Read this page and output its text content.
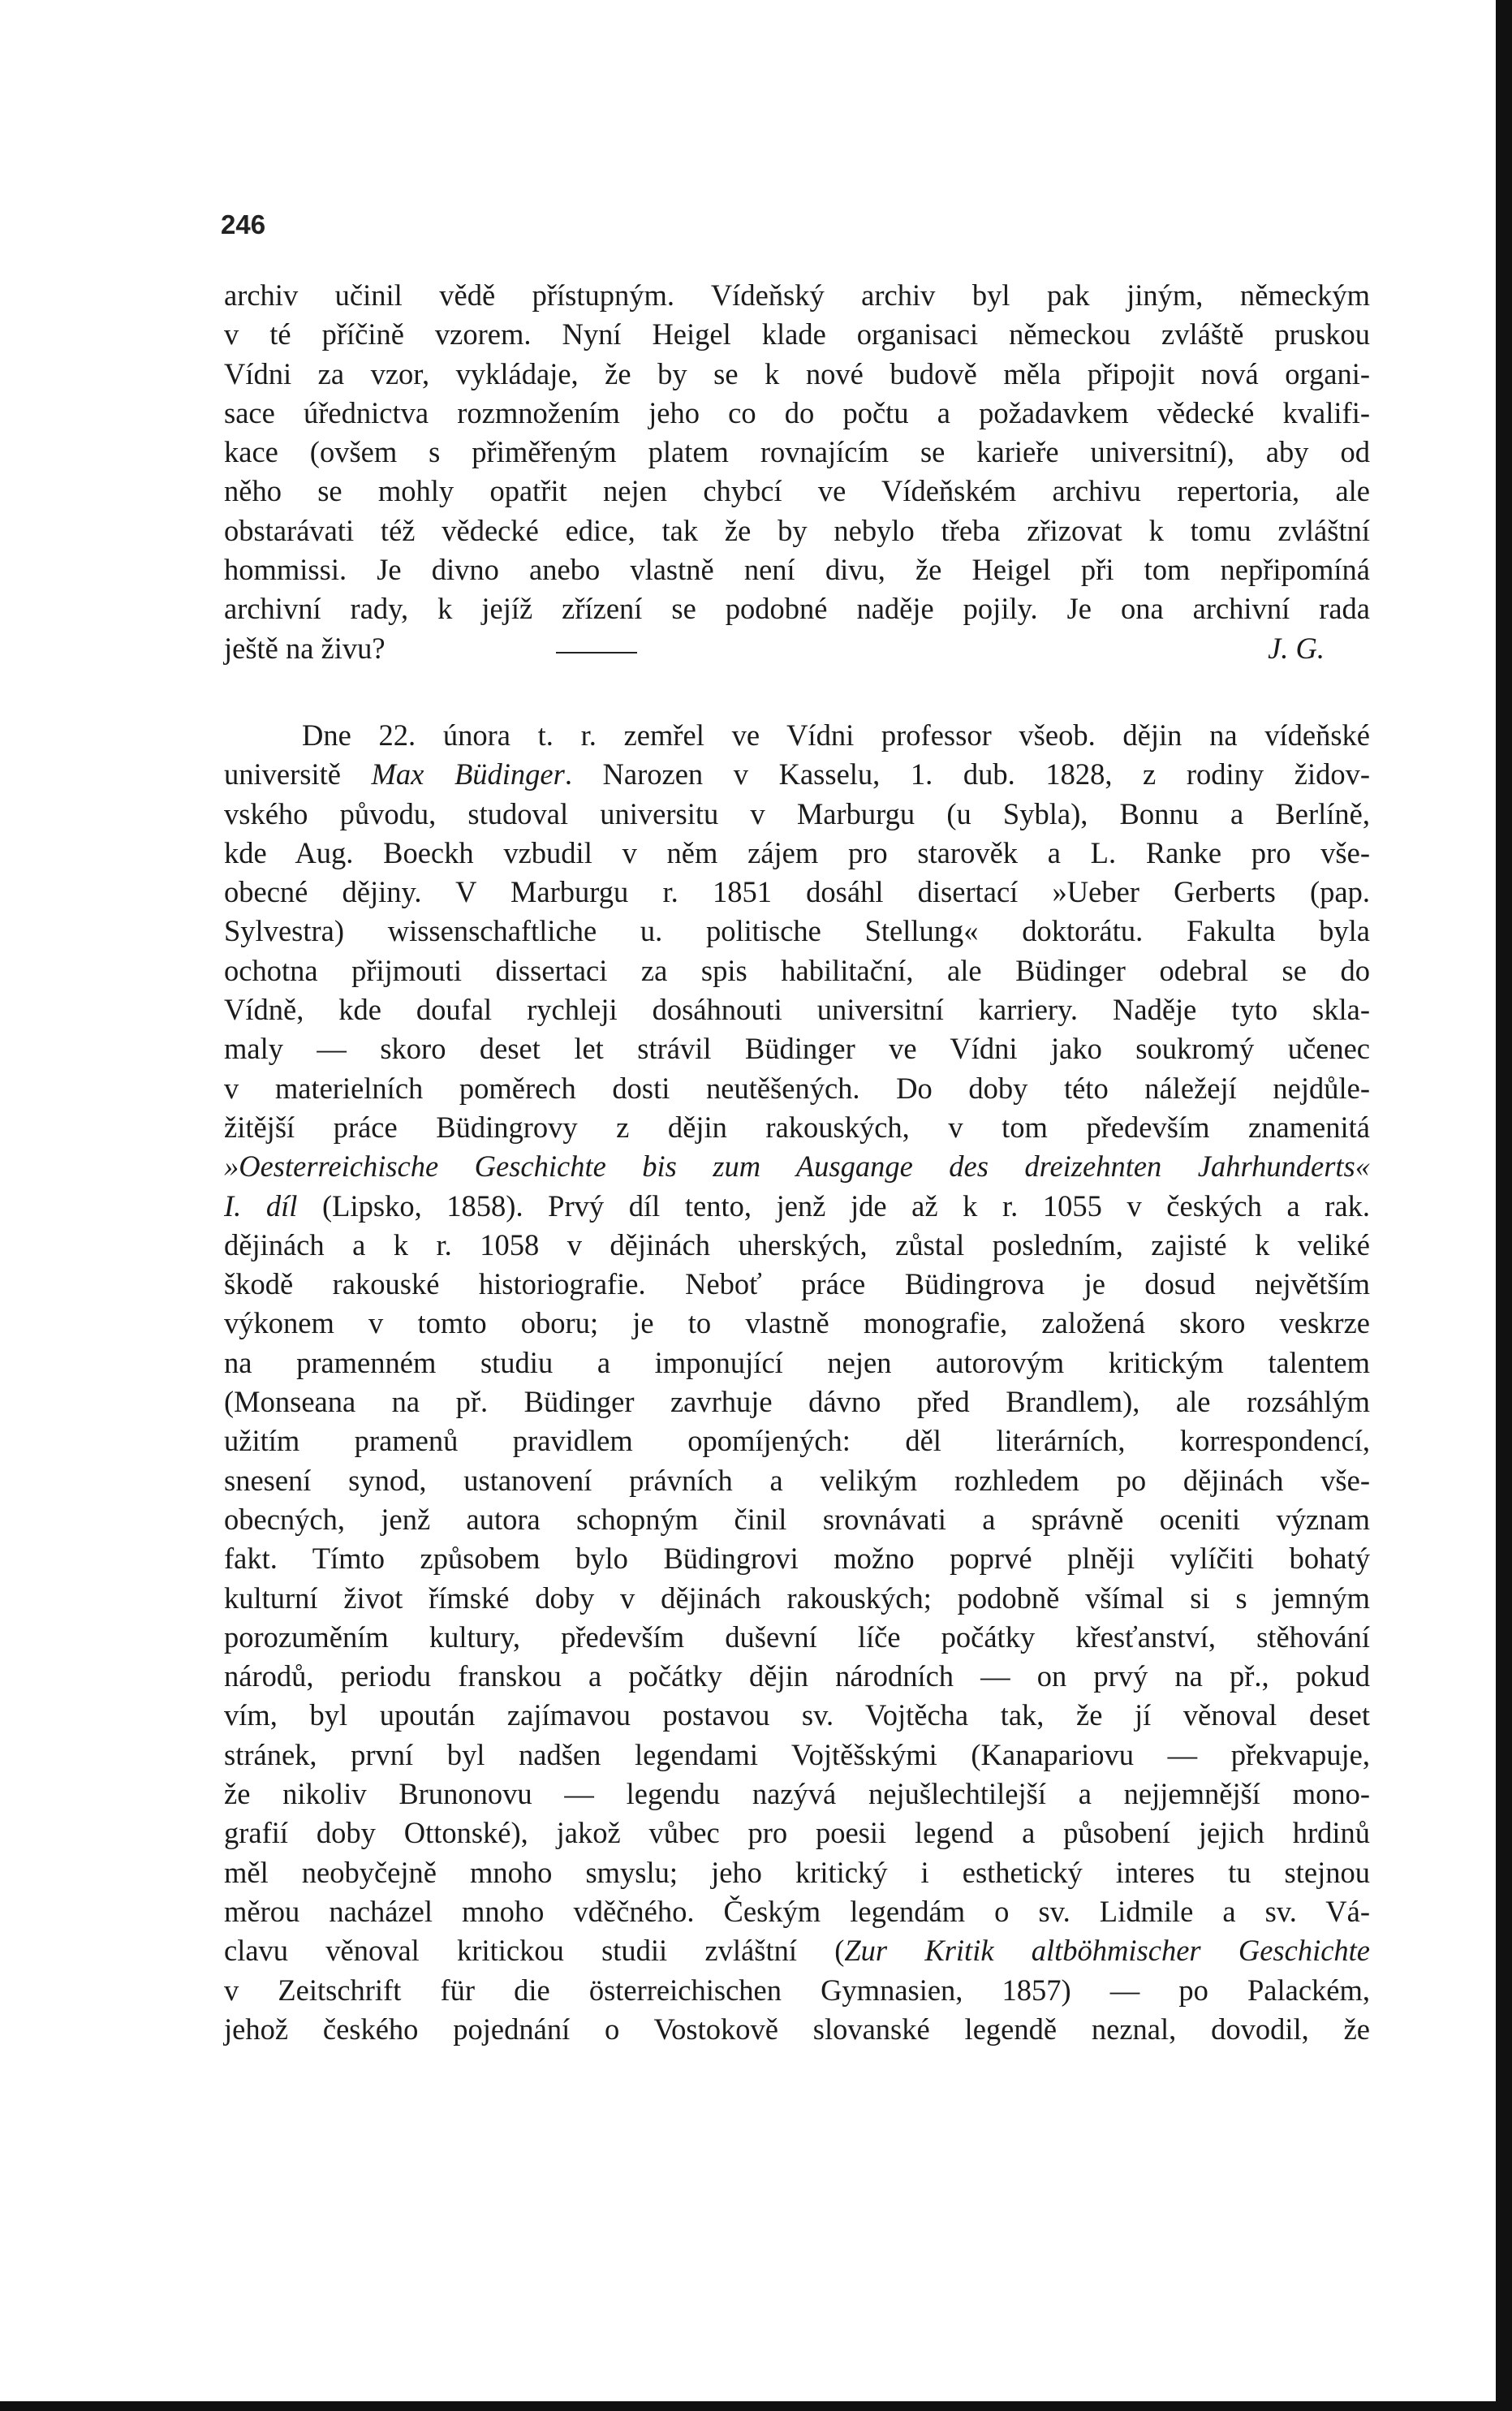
246
archiv učinil vědě přístupným. Vídeňský archiv byl pak jiným, německým
v té příčině vzorem. Nyní Heigel klade organisaci německou zvláště pruskou
Vídni za vzor, vykládaje, že by se k nové budově měla připojit nová organi-
sace úřednictva rozmnožením jeho co do počtu a požadavkem vědecké kvalifi-
kace (ovšem s přiměřeným platem rovnajícím se karieře universitní), aby od
něho se mohly opatřit nejen chybcí ve Vídeňském archivu repertoria, ale
obstarávati též vědecké edice, tak že by nebylo třeba zřizovat k tomu zvláštní
hommissi. Je divno anebo vlastně není divu, že Heigel při tom nepřipomíná
archivní rady, k jejíž zřízení se podobné naděje pojily. Je ona archivní rada
ještě na živu?	J. G.
Dne 22. února t. r. zemřel ve Vídni professor všeob. dějin na vídeňské
universitě Max Büdinger. Narozen v Kasselu, 1. dub. 1828, z rodiny židov-
vského původu, studoval universitu v Marburgu (u Sybla), Bonnu a Berlíně,
kde Aug. Boeckh vzbudil v něm zájem pro starověk a L. Ranke pro vše-
obecné dějiny. V Marburgu r. 1851 dosáhl disertací »Ueber Gerberts (pap.
Sylvestra) wissenschaftliche u. politische Stellung« doktorátu. Fakulta byla
ochotna přijmouti dissertaci za spis habilitační, ale Büdinger odebral se do
Vídně, kde doufal rychleji dosáhnouti universitní karriery. Naděje tyto skla-
maly — skoro deset let strávil Büdinger ve Vídni jako soukromý učenec
v materielních poměrech dosti neutěšených. Do doby této náležejí nejdůle-
žitější práce Büdingrovy z dějin rakouských, v tom především znamenitá
»Oesterreichische Geschichte bis zum Ausgange des dreizehnten Jahrhunderts«
I. díl (Lipsko, 1858). Prvý díl tento, jenž jde až k r. 1055 v českých a rak.
dějinách a k r. 1058 v dějinách uherských, zůstal posledním, zajisté k veliké
škodě rakouské historiografie. Neboť práce Büdingrova je dosud největším
výkonem v tomto oboru; je to vlastně monografie, založená skoro veskrze
na pramenném studiu a imponující nejen autorovým kritickým talentem
(Monseana na př. Büdinger zavrhuje dávno před Brandlem), ale rozsáhlým
užitím pramenů pravidlem opomíjených: děl literárních, korrespondencí,
snesení synod, ustanovení právních a velikým rozhledem po dějinách vše-
obecných, jenž autora schopným činil srovnávati a správně oceniti význam
fakt. Tímto způsobem bylo Büdingrovi možno poprvé plněji vylíčiti bohatý
kulturní život římské doby v dějinách rakouských; podobně všímal si s jemným
porozuměním kultury, především duševní líče počátky křesťanství, stěhování
národů, periodu franskou a počátky dějin národních — on prvý na př., pokud
vím, byl upoután zajímavou postavou sv. Vojtěcha tak, že jí věnoval deset
stránek, první byl nadšen legendami Vojtěšskými (Kanapariovu — překvapuje,
že nikoliv Brunonovu — legendu nazývá nejušlechtilejší a nejjemnější mono-
grafií doby Ottonské), jakož vůbec pro poesii legend a působení jejich hrdinů
měl neobyčejně mnoho smyslu; jeho kritický i esthetický interes tu stejnou
měrou nacházel mnoho vděčného. Českým legendám o sv. Lidmile a sv. Vá-
clavu věnoval kritickou studii zvláštní (Zur Kritik altböhmischer Geschichte
v Zeitschrift für die österreichischen Gymnasien, 1857) — po Palackém,
jehož českého pojednání o Vostokově slovanské legendě neznal, dovodil, že
